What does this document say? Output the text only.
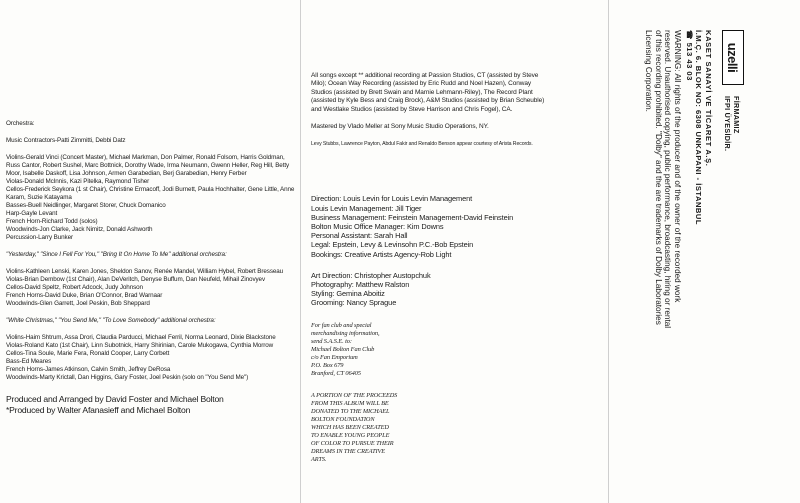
Orchestra:

Music Contractors-Patti Zimmitti, Debbi Datz

Violins-Gerald Vinci (Concert Master), Michael Markman, Don Palmer, Ronald Folsom, Harris Goldman, Russ Cantor, Robert Sushel, Marc Bottnick, Dorothy Wade, Irma Neumann, Gwenn Heller, Reg Hill, Betty Moor, Isabelle Daskoff, Lisa Johnson, Armen Garabedian, Berj Garabedian, Henry Ferber

Violas-Donald McInnis, Kazi Pitelka, Raymond Tisher

Cellos-Frederick Seykora (1 st Chair), Christine Ermacoff, Jodi Burnett, Paula Hochhalter, Gene Little, Anne Karam, Suzie Katayama

Basses-Buell Neidlinger, Margaret Storer, Chuck Domanico

Harp-Gayle Levant

French Horn-Richard Todd (solos)

Woodwinds-Jon Clarke, Jack Nimitz, Donald Ashworth

Percussion-Larry Bunker

"Yesterday," "Since I Fell For You," "Bring It On Home To Me" additional orchestra:

Violins-Kathleen Lenski, Karen Jones, Sheldon Sanov, Renée Mandel, William Hybel, Robert Bresseau

Violas-Brian Dembow (1st Chair), Alan DeVeritch, Denyse Buffum, Dan Neufeld, Mihail Zinovyev

Cellos-David Speltz, Robert Adcock, Judy Johnson

French Horns-David Duke, Brian O'Connor, Brad Warnaar

Woodwinds-Glen Garrett, Joel Peskin, Bob Sheppard

"White Christmas," "You Send Me," "To Love Somebody" additional orchestra:

Violins-Haim Shtrum, Assa Drori, Claudia Parducci, Michael Ferril, Norma Leonard, Dixie Blackstone

Violas-Roland Kato (1st Chair), Linn Subotnick, Harry Shirinian, Carole Mukogawa, Cynthia Morrow

Cellos-Tina Soule, Marie Fera, Ronald Cooper, Larry Corbett

Bass-Ed Meares

French Horns-James Atkinson, Calvin Smith, Jeffrey DeRosa

Woodwinds-Marty Krictall, Dan Higgins, Gary Foster, Joel Peskin (solo on "You Send Me")

Produced and Arranged by David Foster and Michael Bolton

*Produced by Walter Afanasieff and Michael Bolton

All songs except ** additional recording at Passion Studios, CT (assisted by Steve Milo); Ocean Way Recording (assisted by Eric Rudd and Noel Hazen), Conway Studios (assisted by Brett Swain and Marnie Lehmann-Riley), The Record Plant (assisted by Kyle Bess and Craig Brock), A&M Studios (assisted by Brian Scheuble) and Westlake Studios (assisted by Steve Harrison and Chris Fogel), CA.

Mastered by Vlado Meller at Sony Music Studio Operations, NY.

Levy Stubbs, Lawrence Payton, Abdul Fakir and Renaldo Benson appear courtesy of Arista Records.

Direction: Louis Levin for Louis Levin Management

Louis Levin Management: Jill Tiger

Business Management: Feinstein Management-David Feinstein

Bolton Music Office Manager: Kim Downs

Personal Assistant: Sarah Hall

Legal: Epstein, Levy & Levinsohn P.C.-Bob Epstein

Bookings: Creative Artists Agency-Rob Light

Art Direction: Christopher Austopchuk

Photography: Matthew Ralston

Styling: Gemina Aboitiz

Grooming: Nancy Sprague

For fan club and special

merchandising information,

send S.A.S.E. to:

Michael Bolton Fan Club

c/o Fan Emporium

P.O. Box 679

Branford, CT 06405

A PORTION OF THE PROCEEDS

FROM THIS ALBUM WILL BE

DONATED TO THE MICHAEL

BOLTON FOUNDATION

WHICH HAS BEEN CREATED

TO ENABLE YOUNG PEOPLE

OF COLOR TO PURSUE THEIR

DREAMS IN THE CREATIVE

ARTS.

uzelli
FİRMAMIZ
IFPI ÜYESİDİR.
KASET SANAYİ VE TİCARET A.Ş.
İ.M.Ç. 6. BLOK NO: 6308 UNKAPANI - İSTANBUL
☎ 513 43 03
WARNING: All rights of the producer and of the owner of the recorded work reserved. Unauthorised copying, public performance, broadcasting, hiring or rental of this recording prohibited. "Dolby" and the are trademarks of Dolby Laboratories Licensing Corporation.
